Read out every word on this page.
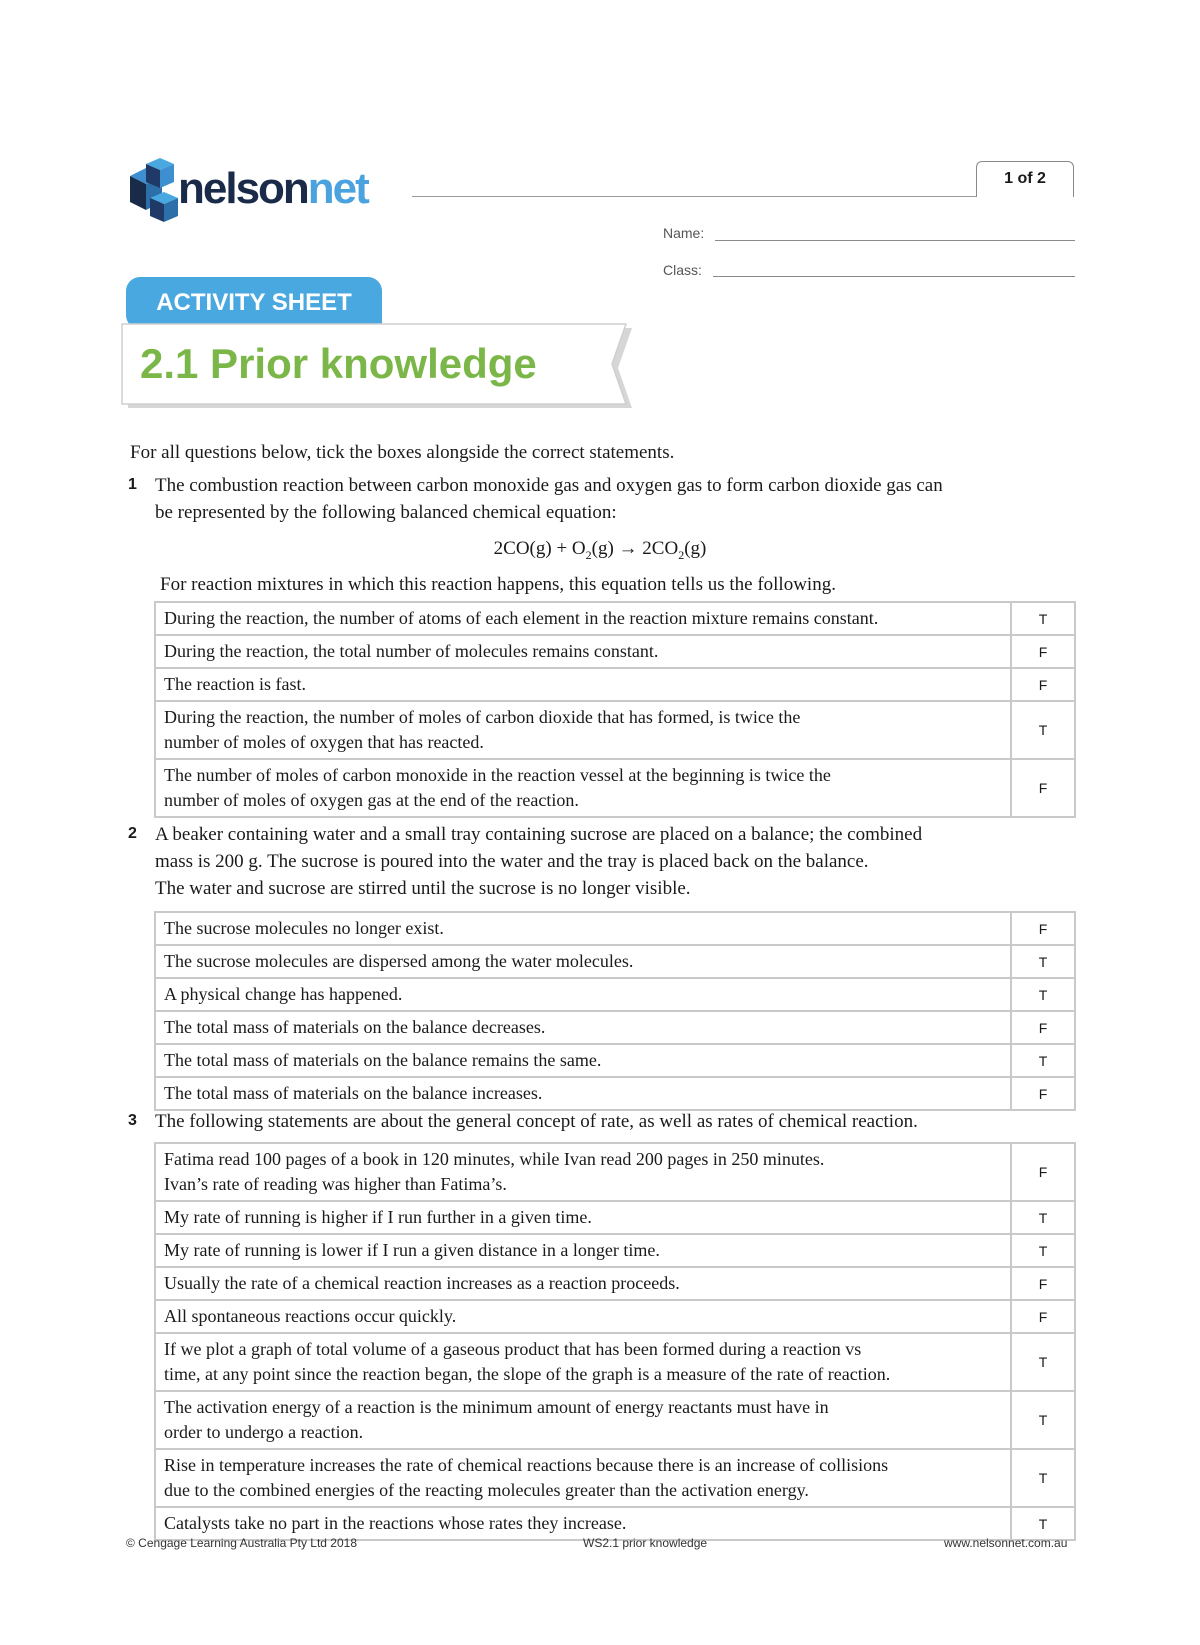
nelsonnet	1 of 2
Name:
Class:
ACTIVITY SHEET
2.1 Prior knowledge
For all questions below, tick the boxes alongside the correct statements.
1 The combustion reaction between carbon monoxide gas and oxygen gas to form carbon dioxide gas can
be represented by the following balanced chemical equation:
$2CO(g) + O_2(g) \to 2CO_2(g)$
For reaction mixtures in which this reaction happens, this equation tells us the following.
During the reaction, the number of atoms of each element in the reaction mixture remains constant.	T

During the reaction, the total number of molecules remains constant.	F

The reaction is fast.	F

During the reaction, the number of moles of carbon dioxide that has formed, is twice the
number of moles of oxygen that has reacted.	T

The number of moles of carbon monoxide in the reaction vessel at the beginning is twice the
number of moles of oxygen gas at the end of the reaction.	F
2 A beaker containing water and a small tray containing sucrose are placed on a balance; the combined
mass is 200 g. The sucrose is poured into the water and the tray is placed back on the balance.
The water and sucrose are stirred until the sucrose is no longer visible.
The sucrose molecules no longer exist.	F

The sucrose molecules are dispersed among the water molecules.	T

A physical change has happened.	T

The total mass of materials on the balance decreases.	F

The total mass of materials on the balance remains the same.	T

The total mass of materials on the balance increases.	F
3 The following statements are about the general concept of rate, as well as rates of chemical reaction.
Fatima read 100 pages of a book in 120 minutes, while Ivan read 200 pages in 250 minutes.
Ivan’s rate of reading was higher than Fatima’s.	F

My rate of running is higher if I run further in a given time.	T

My rate of running is lower if I run a given distance in a longer time.	T

Usually the rate of a chemical reaction increases as a reaction proceeds.	F

All spontaneous reactions occur quickly.	F

If we plot a graph of total volume of a gaseous product that has been formed during a reaction vs
time, at any point since the reaction began, the slope of the graph is a measure of the rate of reaction.	T

The activation energy of a reaction is the minimum amount of energy reactants must have in
order to undergo a reaction.	T

Rise in temperature increases the rate of chemical reactions because there is an increase of collisions
due to the combined energies of the reacting molecules greater than the activation energy.	T

Catalysts take no part in the reactions whose rates they increase.	T
© Cengage Learning Australia Pty Ltd 2018	WS2.1 prior knowledge	www.nelsonnet.com.au
